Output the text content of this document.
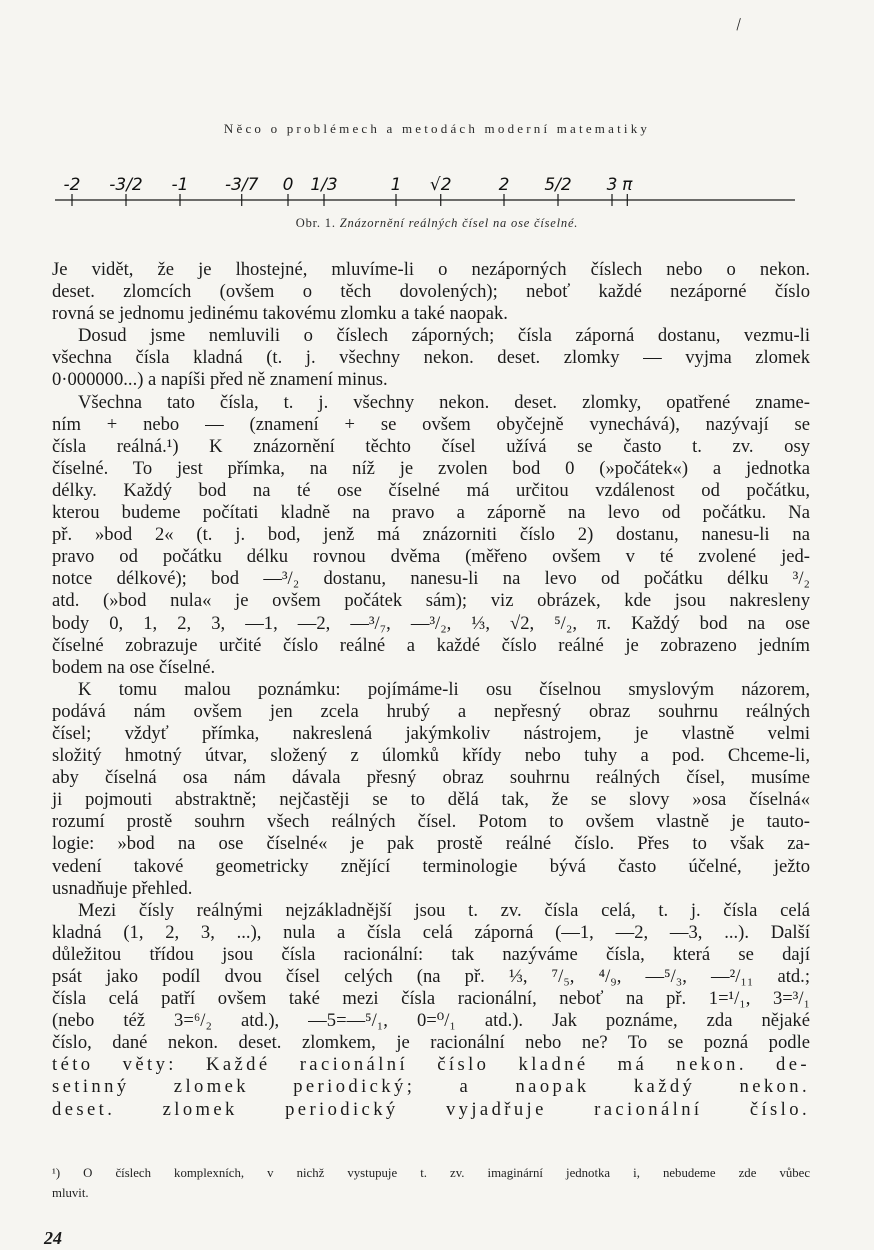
\
Něco o problémech a metodách moderní matematiky
-2 -3/2 -1 -3/7 0 1/3	1 √2	2 5/2 3 π
Obr. 1. Znázornění reálných čísel na ose číselné.
Je vidět, že je lhostejné, mluvíme-li o nezáporných číslech nebo o nekon.
deset. zlomcích (ovšem o těch dovolených); neboť každé nezáporné číslo
rovná se jednomu jedinému takovému zlomku a také naopak.
Dosud jsme nemluvili o číslech záporných; čísla záporná dostanu, vezmu-li
všechna čísla kladná (t. j. všechny nekon. deset. zlomky — vyjma zlomek
0·000000...) a napíši před ně znamení minus.
Všechna tato čísla, t. j. všechny nekon. deset. zlomky, opatřené zname-
ním + nebo — (znamení + se ovšem obyčejně vynechává), nazývají se
čísla reálná.¹) K znázornění těchto čísel užívá se často t. zv. osy
číselné. To jest přímka, na níž je zvolen bod 0 (»počátek«) a jednotka
délky. Každý bod na té ose číselné má určitou vzdálenost od počátku,
kterou budeme počítati kladně na pravo a záporně na levo od počátku. Na
př. »bod 2« (t. j. bod, jenž má znázorniti číslo 2) dostanu, nanesu-li na
pravo od počátku délku rovnou dvěma (měřeno ovšem v té zvolené jed-
notce délkové); bod —³/₂ dostanu, nanesu-li na levo od počátku délku ³/₂
atd. (»bod nula« je ovšem počátek sám); viz obrázek, kde jsou nakresleny
body 0, 1, 2, 3, —1, —2, —³/₇, —³/₂, ⅓, √2, ⁵/₂, π. Každý bod na ose
číselné zobrazuje určité číslo reálné a každé číslo reálné je zobrazeno jedním
bodem na ose číselné.
K tomu malou poznámku: pojímáme-li osu číselnou smyslovým názorem,
podává nám ovšem jen zcela hrubý a nepřesný obraz souhrnu reálných
čísel; vždyť přímka, nakreslená jakýmkoliv nástrojem, je vlastně velmi
složitý hmotný útvar, složený z úlomků křídy nebo tuhy a pod. Chceme-li,
aby číselná osa nám dávala přesný obraz souhrnu reálných čísel, musíme
ji pojmouti abstraktně; nejčastěji se to dělá tak, že se slovy »osa číselná«
rozumí prostě souhrn všech reálných čísel. Potom to ovšem vlastně je tauto-
logie: »bod na ose číselné« je pak prostě reálné číslo. Přes to však za-
vedení takové geometricky znějící terminologie bývá často účelné, ježto
usnadňuje přehled.
Mezi čísly reálnými nejzákladnější jsou t. zv. čísla celá, t. j. čísla celá
kladná (1, 2, 3, ...), nula a čísla celá záporná (—1, —2, —3, ...). Další
důležitou třídou jsou čísla racionální: tak nazýváme čísla, která se dají
psát jako podíl dvou čísel celých (na př. ⅓, ⁷/₅, ⁴/₉, —⁵/₃, —²/₁₁ atd.;
čísla celá patří ovšem také mezi čísla racionální, neboť na př. 1=¹/₁, 3=³/₁
(nebo též 3=⁶/₂ atd.), —5=—⁵/₁, 0=⁰/₁ atd.). Jak poznáme, zda nějaké
číslo, dané nekon. deset. zlomkem, je racionální nebo ne? To se pozná podle
této věty: Každé racionální číslo kladné má nekon. de-
setinný zlomek periodický; a naopak každý nekon.
deset. zlomek periodický vyjadřuje racionální číslo.
¹) O číslech komplexních, v nichž vystupuje t. zv. imaginární jednotka i, nebudeme zde vůbec
mluvit.
24
